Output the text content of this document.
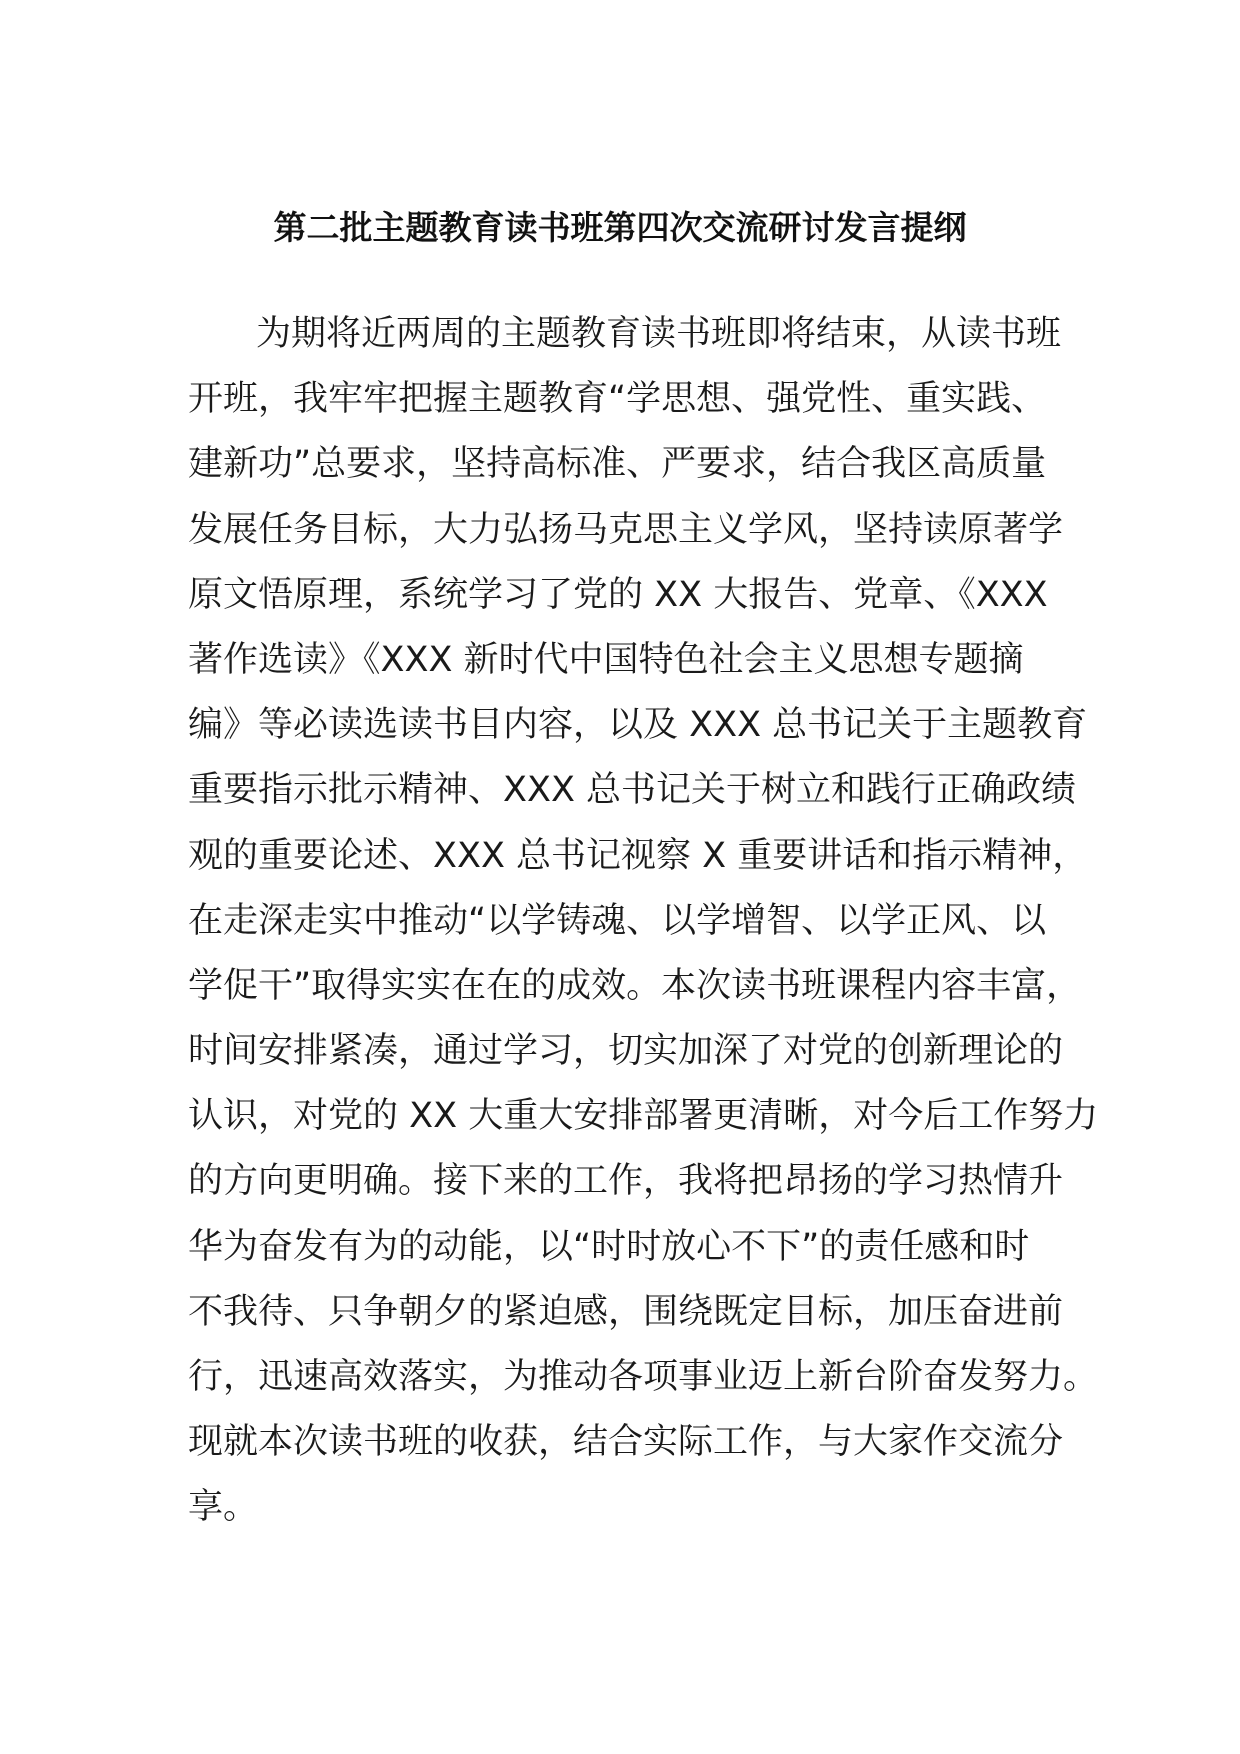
第二批主题教育读书班第四次交流研讨发言提纲
为期将近两周的主题教育读书班即将结束，从读书班
开班，我牢牢把握主题教育“学思想、强党性、重实践、
建新功”总要求，坚持高标准、严要求，结合我区高质量
发展任务目标，大力弘扬马克思主义学风，坚持读原著学
原文悟原理，系统学习了党的 XX 大报告、党章、《XXX
著作选读》《XXX 新时代中国特色社会主义思想专题摘
编》等必读选读书目内容，以及 XXX 总书记关于主题教育
重要指示批示精神、XXX 总书记关于树立和践行正确政绩
观的重要论述、XXX 总书记视察 X 重要讲话和指示精神，
在走深走实中推动“以学铸魂、以学增智、以学正风、以
学促干”取得实实在在的成效。本次读书班课程内容丰富，
时间安排紧凑，通过学习，切实加深了对党的创新理论的
认识，对党的 XX 大重大安排部署更清晰，对今后工作努力
的方向更明确。接下来的工作，我将把昂扬的学习热情升
华为奋发有为的动能，以“时时放心不下”的责任感和时
不我待、只争朝夕的紧迫感，围绕既定目标，加压奋进前
行，迅速高效落实，为推动各项事业迈上新台阶奋发努力。
现就本次读书班的收获，结合实际工作，与大家作交流分
享。
